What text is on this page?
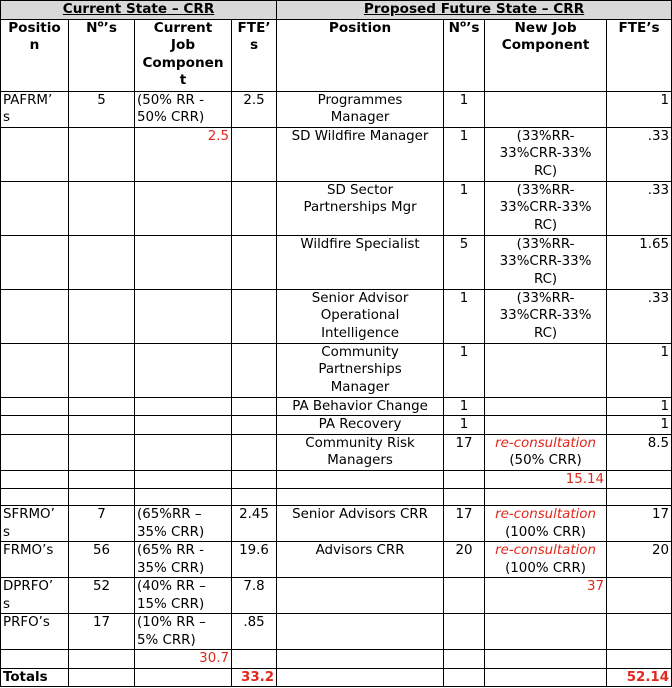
Current State – CRR				Proposed Future State – CRR			
Positio
n	$N^o’s$	Current
Job
Componen
t	FTE’
s	Position	$N^o’s$	New Job
Component	FTE’s

PAFRM’
s	5	(50% RR -
50% CRR)	2.5	Programmes
Manager	1		1

		2.5		SD Wildfire Manager	1	(33%RR-
33%CRR-33%
RC)	.33

				SD Sector
Partnerships Mgr	1	(33%RR-
33%CRR-33%
RC)	.33

				Wildfire Specialist	5	(33%RR-
33%CRR-33%
RC)	1.65

				Senior Advisor
Operational
Intelligence	1	(33%RR-
33%CRR-33%
RC)	.33

				Community
Partnerships
Manager	1		1

				PA Behavior Change	1		1

				PA Recovery	1		1

				Community Risk
Managers	17	re-consultation
(50% CRR)	8.5

						15.14	

SFRMO’
s	7	(65%RR –
35% CRR)	2.45	Senior Advisors CRR	17	re-consultation
(100% CRR)	17

FRMO’s	56	(65% RR -
35% CRR)	19.6	Advisors CRR	20	re-consultation
(100% CRR)	20

DPRFO’
s	52	(40% RR –
15% CRR)	7.8			37	

PRFO’s	17	(10% RR –
5% CRR)	.85				

		30.7					

Totals			33.2				52.14
